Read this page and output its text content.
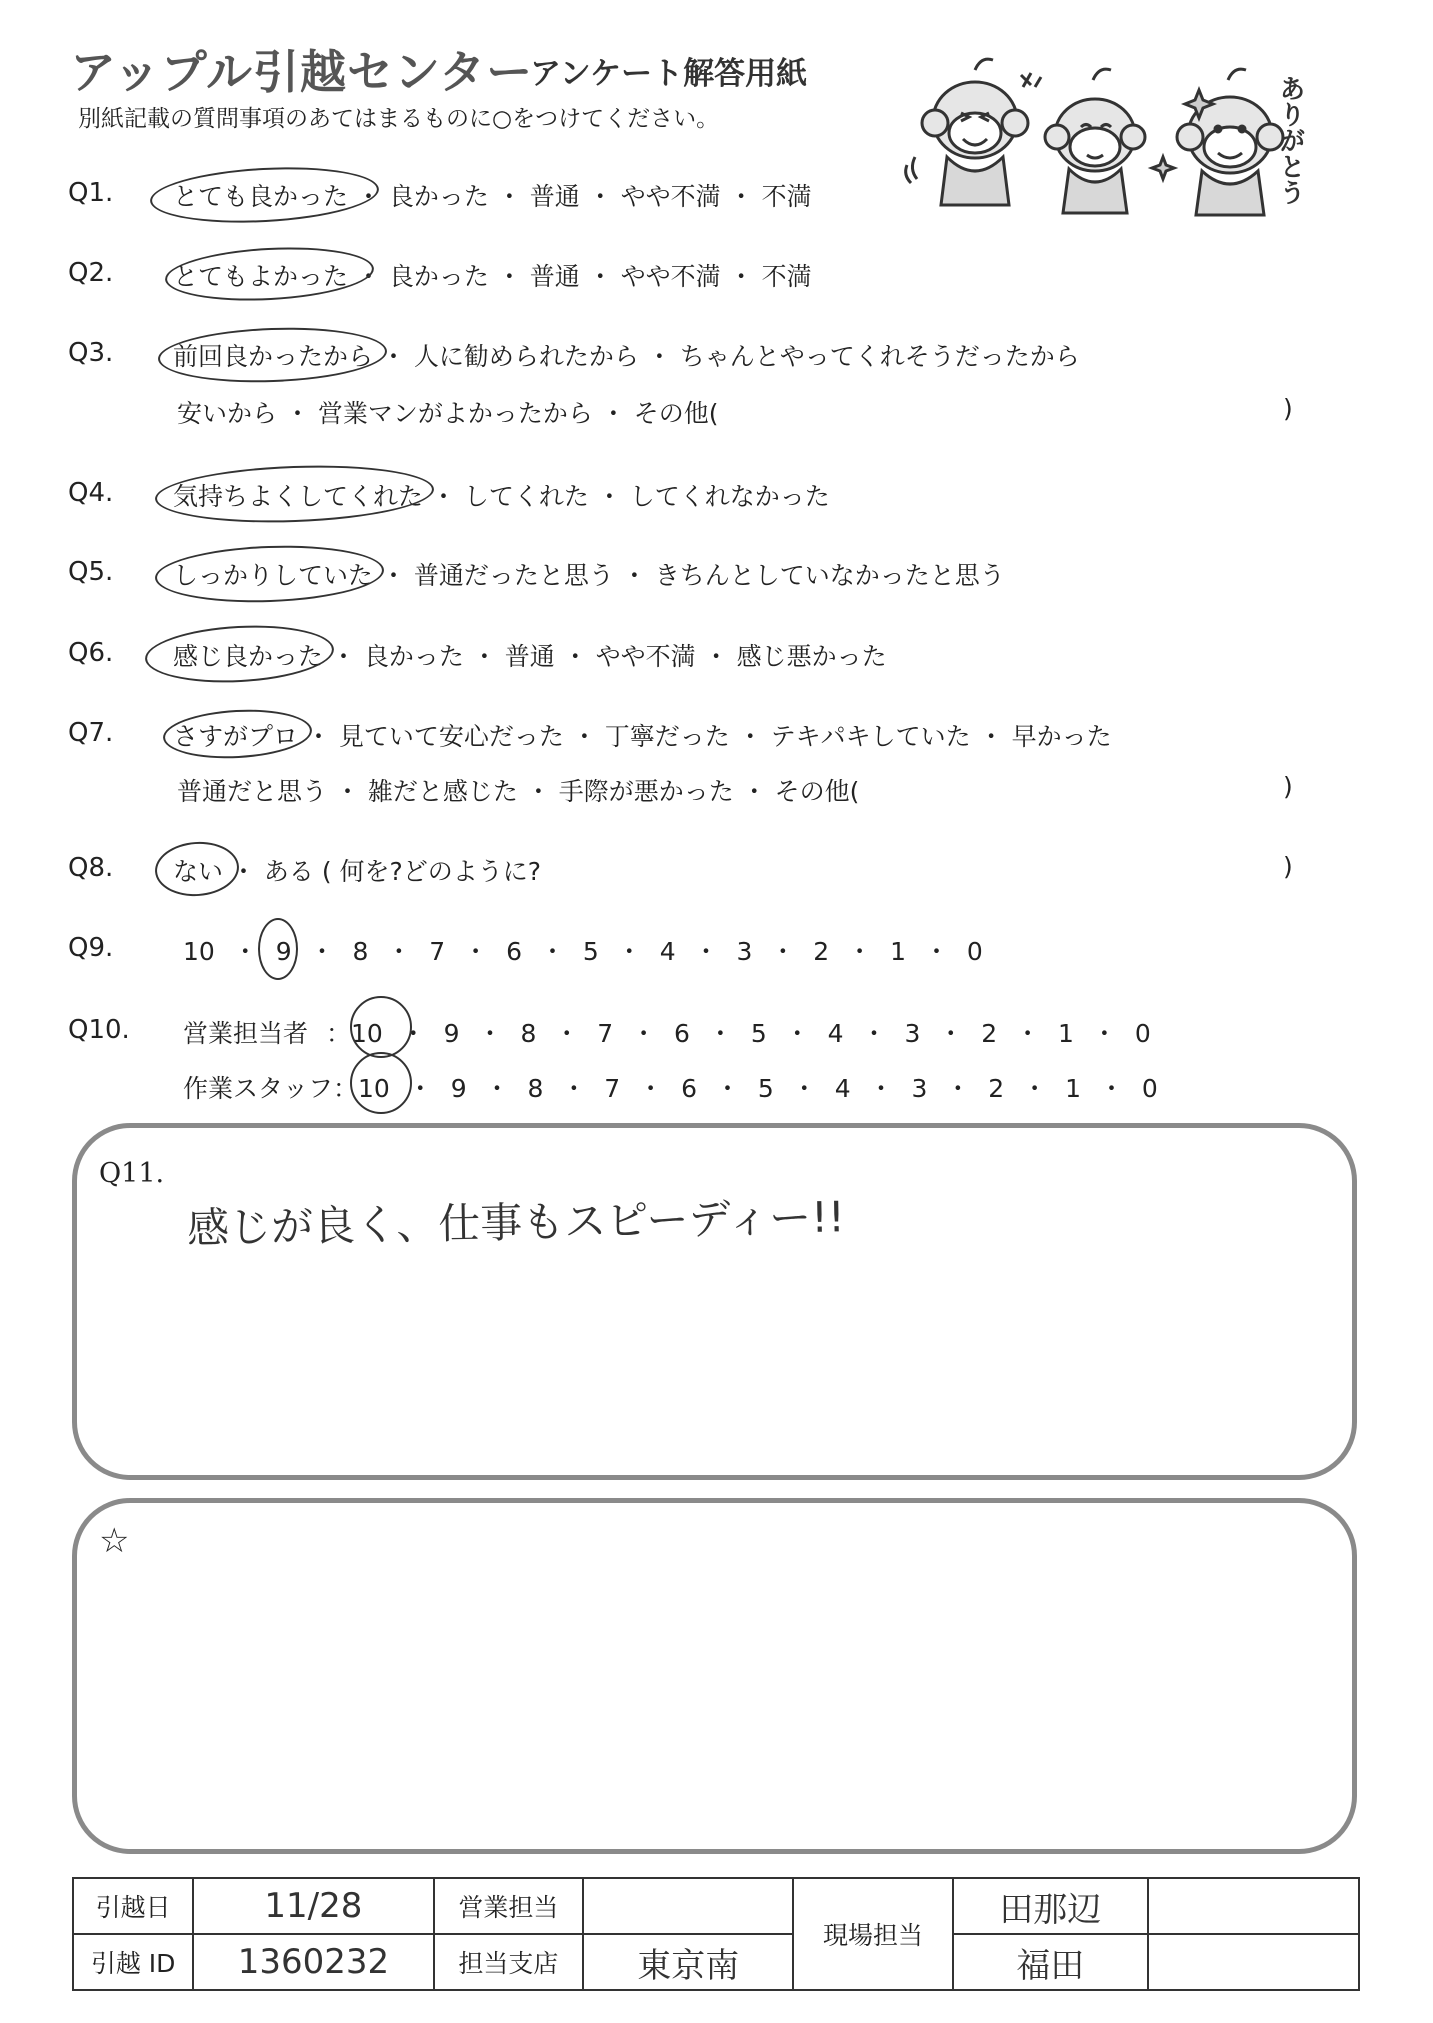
アップル引越センター
アンケート解答用紙
別紙記載の質問事項のあてはまるものに○をつけてください。	ありがとう
Q1. とても良かった ・ 良かった ・ 普通 ・ やや不満 ・ 不満
Q2. とてもよかった ・ 良かった ・ 普通 ・ やや不満 ・ 不満
Q3. 前回良かったから ・ 人に勧められたから ・ ちゃんとやってくれそうだったから
安いから ・ 営業マンがよかったから ・ その他(	)
Q4. 気持ちよくしてくれた ・ してくれた ・ してくれなかった
Q5. しっかりしていた ・ 普通だったと思う ・ きちんとしていなかったと思う
Q6. 感じ良かった ・ 良かった ・ 普通 ・ やや不満 ・ 感じ悪かった
Q7. さすがプロ ・ 見ていて安心だった ・ 丁寧だった ・ テキパキしていた ・ 早かった
普通だと思う ・ 雑だと感じた ・ 手際が悪かった ・ その他(	)
Q8. ない ・ ある ( 何を?どのように?	)
Q9.	10 ・ 9 ・ 8 ・ 7 ・ 6 ・ 5 ・ 4 ・ 3 ・ 2 ・ 1 ・ 0
Q10. 営業担当者 ：10 ・ 9 ・ 8 ・ 7 ・ 6 ・ 5 ・ 4 ・ 3 ・ 2 ・ 1 ・ 0
作業スタッフ：10 ・ 9 ・ 8 ・ 7 ・ 6 ・ 5 ・ 4 ・ 3 ・ 2 ・ 1 ・ 0
Q11.
感じが良く、仕事もスピーディー!!
☆
引越日	11/28	営業担当		現場担当	田那辺	
引越 ID	1360232	担当支店	東京南		福田	
